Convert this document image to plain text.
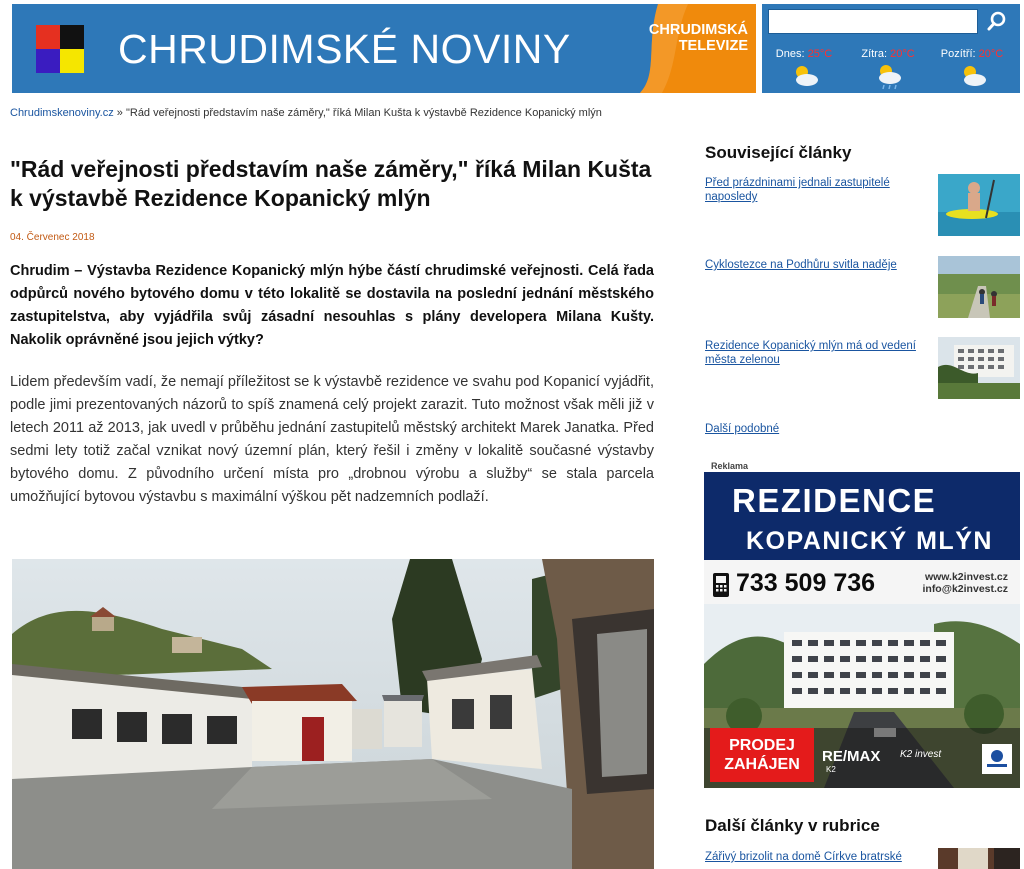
CHRUDIMSKÉ NOVINY	CHRUDIMSKÁ
TELEVIZE	Dnes: 25°C	Zítra: 20°C	Pozítří: 20°C
Chrudimskenoviny.cz » "Rád veřejnosti představím naše záměry," říká Milan Kušta k výstavbě Rezidence Kopanický mlýn
"Rád veřejnosti představím naše záměry," říká Milan Kušta k výstavbě Rezidence Kopanický mlýn
04. Červenec 2018

Chrudim – Výstavba Rezidence Kopanický mlýn hýbe částí chrudimské veřejnosti. Celá řada odpůrců nového bytového domu v této lokalitě se dostavila na poslední jednání městského zastupitelstva, aby vyjádřila svůj zásadní nesouhlas s plány developera Milana Kušty. Nakolik oprávněné jsou jejich výtky?

Lidem především vadí, že nemají příležitost se k výstavbě rezidence ve svahu pod Kopanicí vyjádřit, podle jimi prezentovaných názorů to spíš znamená celý projekt zarazit. Tuto možnost však měli již v letech 2011 až 2013, jak uvedl v průběhu jednání zastupitelů městský architekt Marek Janatka. Před sedmi lety totiž začal vznikat nový územní plán, který řešil i změny v lokalitě současné výstavby bytového domu. Z původního určení místa pro „drobnou výrobu a služby“ se stala parcela umožňující bytovou výstavbu s maximální výškou pět nadzemních podlaží.

Související články
Před prázdninami jednali zastupitelé naposledy
Cyklostezce na Podhůru svitla naděje
Rezidence Kopanický mlýn má od vedení města zelenou
Další podobné
Reklama
REZIDENCE
KOPANICKÝ MLÝN
733 509 736	www.k2invest.cz
info@k2invest.cz
PRODEJ
ZAHÁJEN	RE/MAX
K2
K2 invest
Další články v rubrice
Zářivý brizolit na domě Církve bratrské
